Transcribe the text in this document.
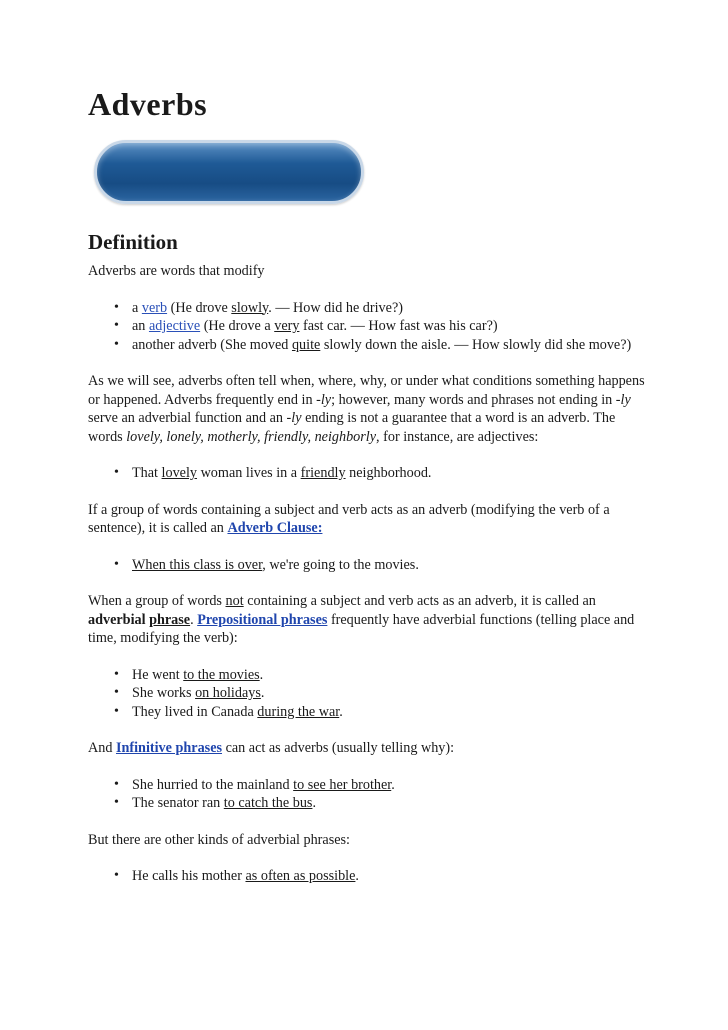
Adverbs
Definition

Adverbs are words that modify

• a verb (He drove slowly. — How did he drive?)
• an adjective (He drove a very fast car. — How fast was his car?)
• another adverb (She moved quite slowly down the aisle. — How slowly did she move?)

As we will see, adverbs often tell when, where, why, or under what conditions something happens or happened. Adverbs frequently end in -ly; however, many words and phrases not ending in -ly serve an adverbial function and an -ly ending is not a guarantee that a word is an adverb. The words lovely, lonely, motherly, friendly, neighborly, for instance, are adjectives:

• That lovely woman lives in a friendly neighborhood.

If a group of words containing a subject and verb acts as an adverb (modifying the verb of a sentence), it is called an Adverb Clause:

• When this class is over, we're going to the movies.

When a group of words not containing a subject and verb acts as an adverb, it is called an adverbial phrase. Prepositional phrases frequently have adverbial functions (telling place and time, modifying the verb):

• He went to the movies.
• She works on holidays.
• They lived in Canada during the war.

And Infinitive phrases can act as adverbs (usually telling why):

• She hurried to the mainland to see her brother.
• The senator ran to catch the bus.

But there are other kinds of adverbial phrases:

• He calls his mother as often as possible.
